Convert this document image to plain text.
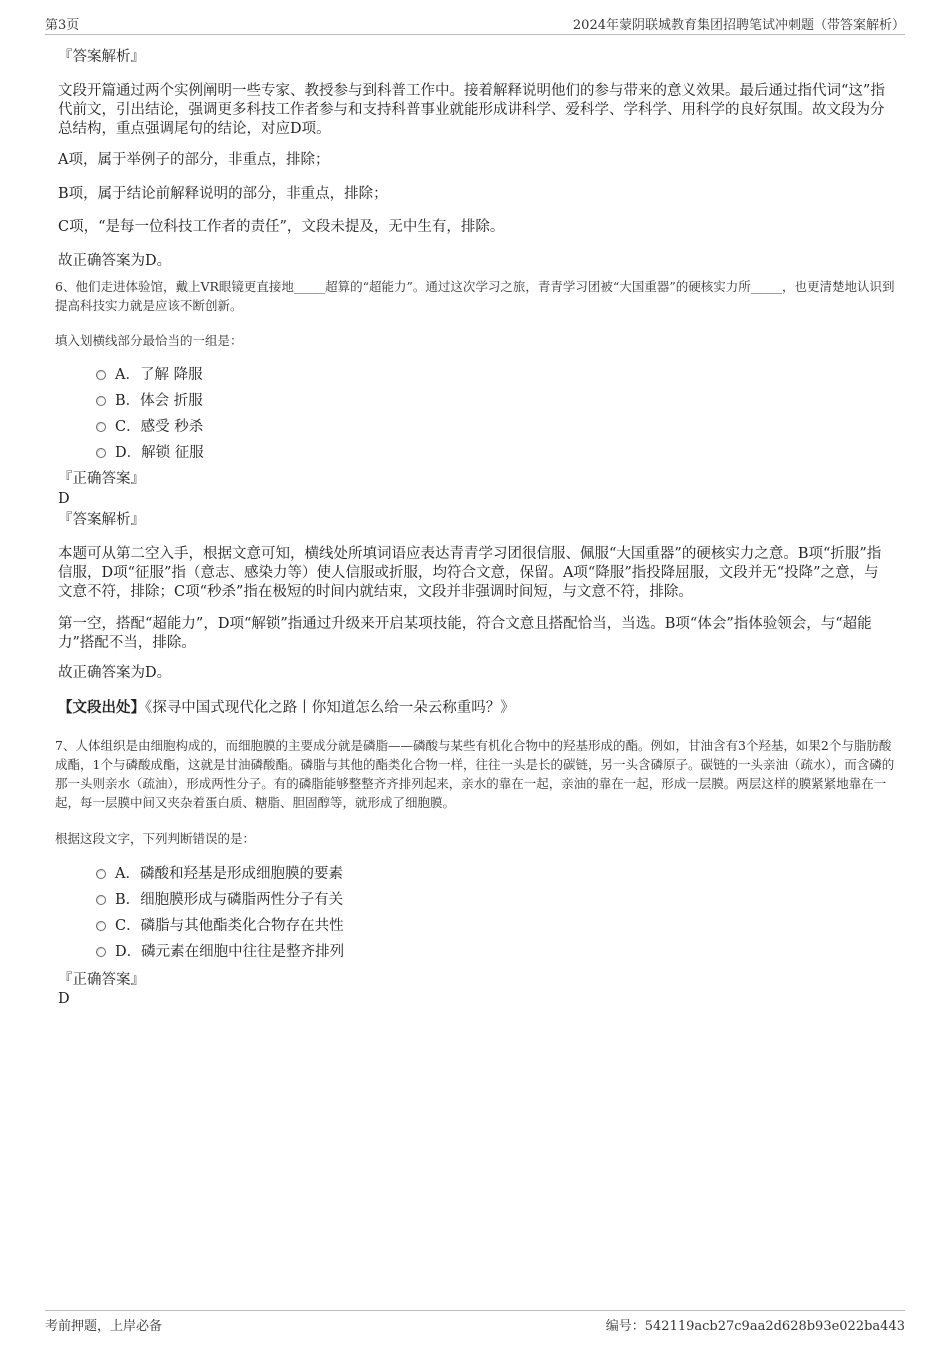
第3页	2024年蒙阴联城教育集团招聘笔试冲刺题（带答案解析）
『答案解析』
文段开篇通过两个实例阐明一些专家、教授参与到科普工作中。接着解释说明他们的参与带来的意义效果。最后通过指代词“这”指代前文，引出结论，强调更多科技工作者参与和支持科普事业就能形成讲科学、爱科学、学科学、用科学的良好氛围。故文段为分总结构，重点强调尾句的结论，对应D项。
A项，属于举例子的部分，非重点，排除；
B项，属于结论前解释说明的部分，非重点，排除；
C项，“是每一位科技工作者的责任”，文段未提及，无中生有，排除。
故正确答案为D。
6、他们走进体验馆，戴上VR眼镜更直接地_____超算的“超能力”。通过这次学习之旅，青青学习团被“大国重器”的硬核实力所_____，也更清楚地认识到提高科技实力就是应该不断创新。
填入划横线部分最恰当的一组是：
A．了解 降服
B．体会 折服
C．感受 秒杀
D．解锁 征服
『正确答案』
D
『答案解析』
本题可从第二空入手，根据文意可知，横线处所填词语应表达青青学习团很信服、佩服“大国重器”的硬核实力之意。B项“折服”指信服，D项“征服”指（意志、感染力等）使人信服或折服，均符合文意，保留。A项“降服”指投降屈服，文段并无“投降”之意，与文意不符，排除；C项“秒杀”指在极短的时间内就结束，文段并非强调时间短，与文意不符，排除。
第一空，搭配“超能力”，D项“解锁”指通过升级来开启某项技能，符合文意且搭配恰当，当选。B项“体会”指体验领会，与“超能力”搭配不当，排除。
故正确答案为D。
【文段出处】《探寻中国式现代化之路丨你知道怎么给一朵云称重吗？》
7、人体组织是由细胞构成的，而细胞膜的主要成分就是磷脂——磷酸与某些有机化合物中的羟基形成的酯。例如，甘油含有3个羟基，如果2个与脂肪酸成酯，1个与磷酸成酯，这就是甘油磷酸酯。磷脂与其他的酯类化合物一样，往往一头是长的碳链，另一头含磷原子。碳链的一头亲油（疏水），而含磷的那一头则亲水（疏油），形成两性分子。有的磷脂能够整整齐齐排列起来，亲水的靠在一起，亲油的靠在一起，形成一层膜。两层这样的膜紧紧地靠在一起，每一层膜中间又夹杂着蛋白质、糖脂、胆固醇等，就形成了细胞膜。
根据这段文字，下列判断错误的是：
A．磷酸和羟基是形成细胞膜的要素
B．细胞膜形成与磷脂两性分子有关
C．磷脂与其他酯类化合物存在共性
D．磷元素在细胞中往往是整齐排列
『正确答案』
D
考前押题，上岸必备	编号：542119acb27c9aa2d628b93e022ba443
